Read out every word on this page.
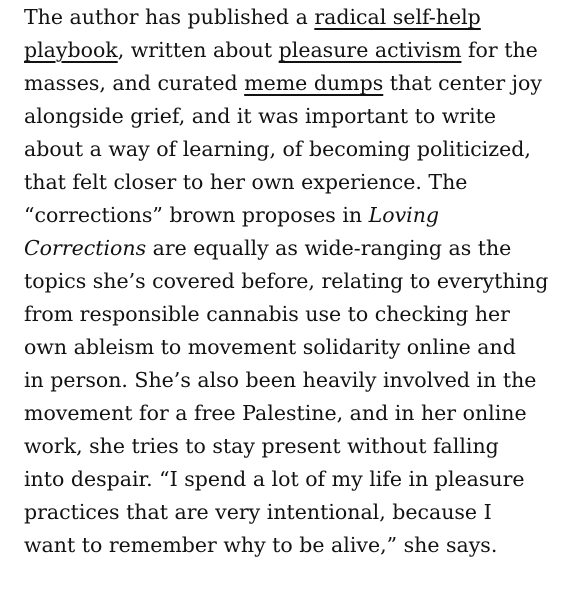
The author has published a radical self-help
playbook, written about pleasure activism for the
masses, and curated meme dumps that center joy
alongside grief, and it was important to write
about a way of learning, of becoming politicized,
that felt closer to her own experience. The
“corrections” brown proposes in Loving
Corrections are equally as wide-ranging as the
topics she’s covered before, relating to everything
from responsible cannabis use to checking her
own ableism to movement solidarity online and
in person. She’s also been heavily involved in the
movement for a free Palestine, and in her online
work, she tries to stay present without falling
into despair. “I spend a lot of my life in pleasure
practices that are very intentional, because I
want to remember why to be alive,” she says.
